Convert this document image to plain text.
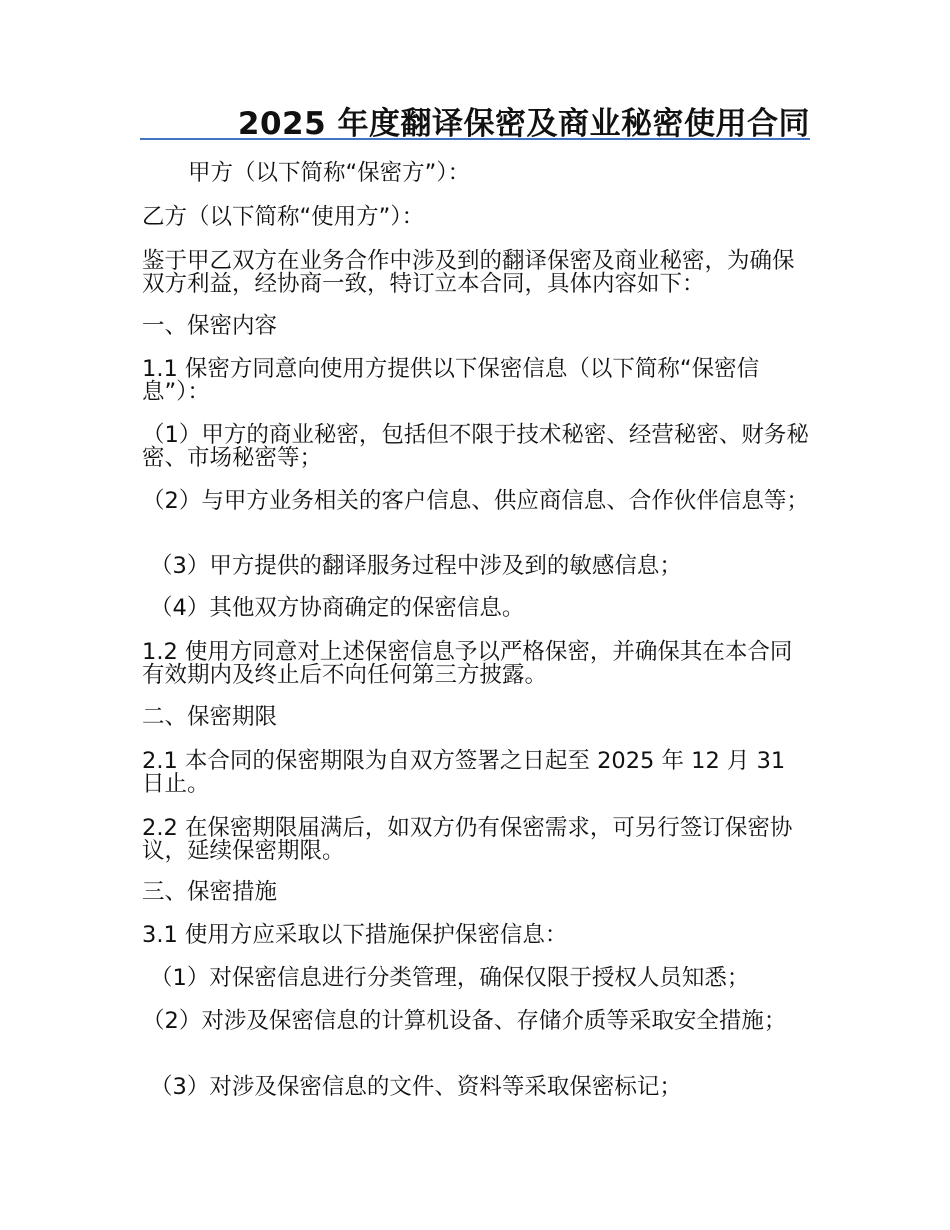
2025 年度翻译保密及商业秘密使用合同
甲方（以下简称“保密方”）：
乙方（以下简称“使用方”）：
鉴于甲乙双方在业务合作中涉及到的翻译保密及商业秘密，为确保双方利益，经协商一致，特订立本合同，具体内容如下：
一、保密内容
1.1 保密方同意向使用方提供以下保密信息（以下简称“保密信息”）：
（1）甲方的商业秘密，包括但不限于技术秘密、经营秘密、财务秘密、市场秘密等；
（2）与甲方业务相关的客户信息、供应商信息、合作伙伴信息等；
（3）甲方提供的翻译服务过程中涉及到的敏感信息；
（4）其他双方协商确定的保密信息。
1.2 使用方同意对上述保密信息予以严格保密，并确保其在本合同有效期内及终止后不向任何第三方披露。
二、保密期限
2.1 本合同的保密期限为自双方签署之日起至 2025 年 12 月 31 日止。
2.2 在保密期限届满后，如双方仍有保密需求，可另行签订保密协议，延续保密期限。
三、保密措施
3.1 使用方应采取以下措施保护保密信息：
（1）对保密信息进行分类管理，确保仅限于授权人员知悉；
（2）对涉及保密信息的计算机设备、存储介质等采取安全措施；
（3）对涉及保密信息的文件、资料等采取保密标记；
